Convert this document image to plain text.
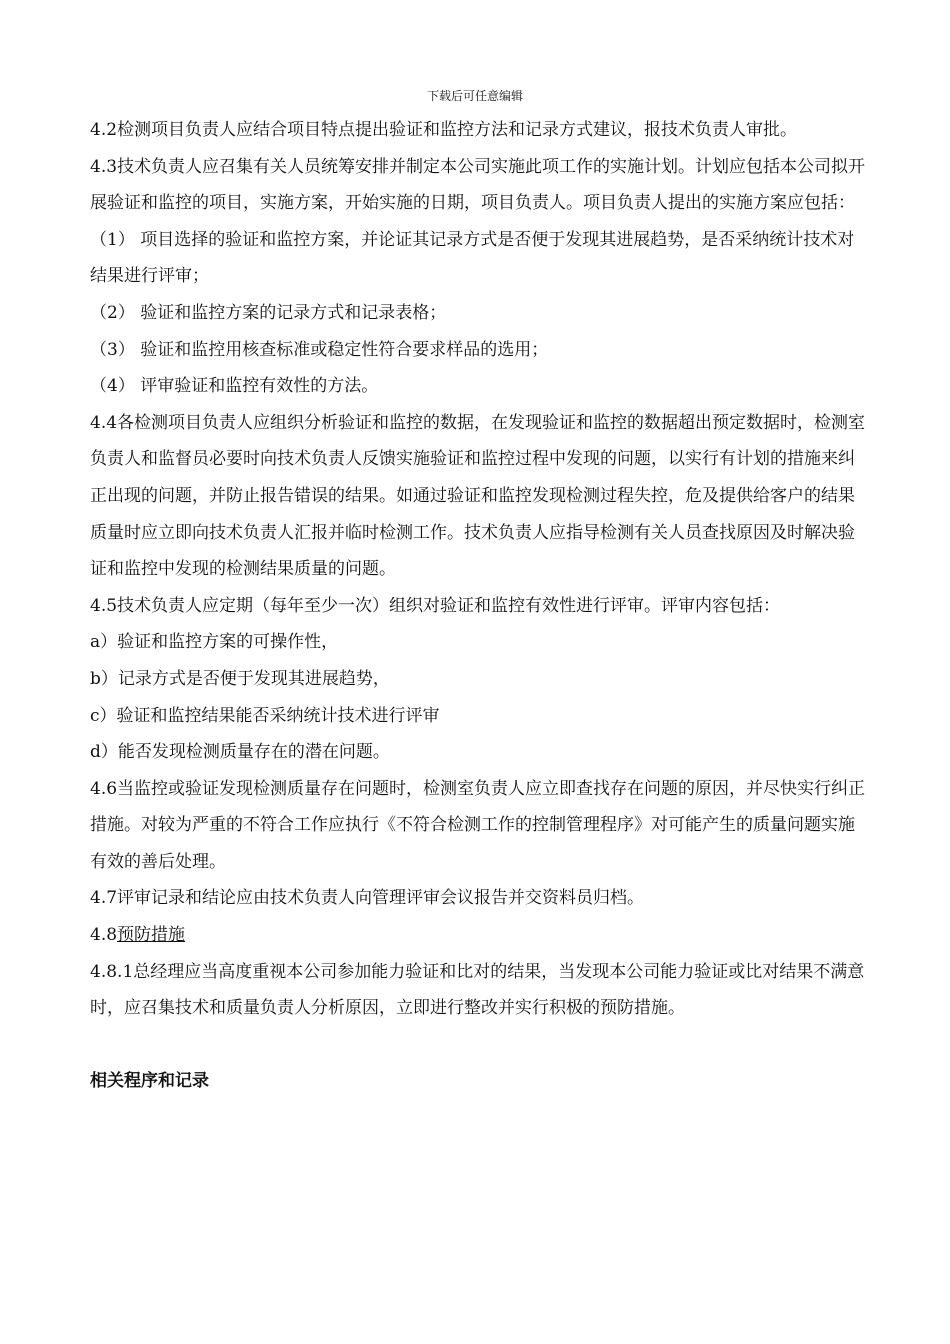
下载后可任意编辑

4.2检测项目负责人应结合项目特点提出验证和监控方法和记录方式建议，报技术负责人审批。

4.3技术负责人应召集有关人员统筹安排并制定本公司实施此项工作的实施计划。计划应包括本公司拟开展验证和监控的项目，实施方案，开始实施的日期，项目负责人。项目负责人提出的实施方案应包括：

（1） 项目选择的验证和监控方案，并论证其记录方式是否便于发现其进展趋势，是否采纳统计技术对结果进行评审；

（2） 验证和监控方案的记录方式和记录表格；

（3） 验证和监控用核查标准或稳定性符合要求样品的选用；

（4） 评审验证和监控有效性的方法。

4.4各检测项目负责人应组织分析验证和监控的数据，在发现验证和监控的数据超出预定数据时，检测室负责人和监督员必要时向技术负责人反馈实施验证和监控过程中发现的问题，以实行有计划的措施来纠正出现的问题，并防止报告错误的结果。如通过验证和监控发现检测过程失控，危及提供给客户的结果质量时应立即向技术负责人汇报并临时检测工作。技术负责人应指导检测有关人员查找原因及时解决验证和监控中发现的检测结果质量的问题。

4.5技术负责人应定期（每年至少一次）组织对验证和监控有效性进行评审。评审内容包括：

a）验证和监控方案的可操作性，

b）记录方式是否便于发现其进展趋势，

c）验证和监控结果能否采纳统计技术进行评审

d）能否发现检测质量存在的潜在问题。

4.6当监控或验证发现检测质量存在问题时，检测室负责人应立即查找存在问题的原因，并尽快实行纠正措施。对较为严重的不符合工作应执行《不符合检测工作的控制管理程序》对可能产生的质量问题实施有效的善后处理。

4.7评审记录和结论应由技术负责人向管理评审会议报告并交资料员归档。

4.8预防措施

4.8.1总经理应当高度重视本公司参加能力验证和比对的结果，当发现本公司能力验证或比对结果不满意时，应召集技术和质量负责人分析原因，立即进行整改并实行积极的预防措施。

相关程序和记录
